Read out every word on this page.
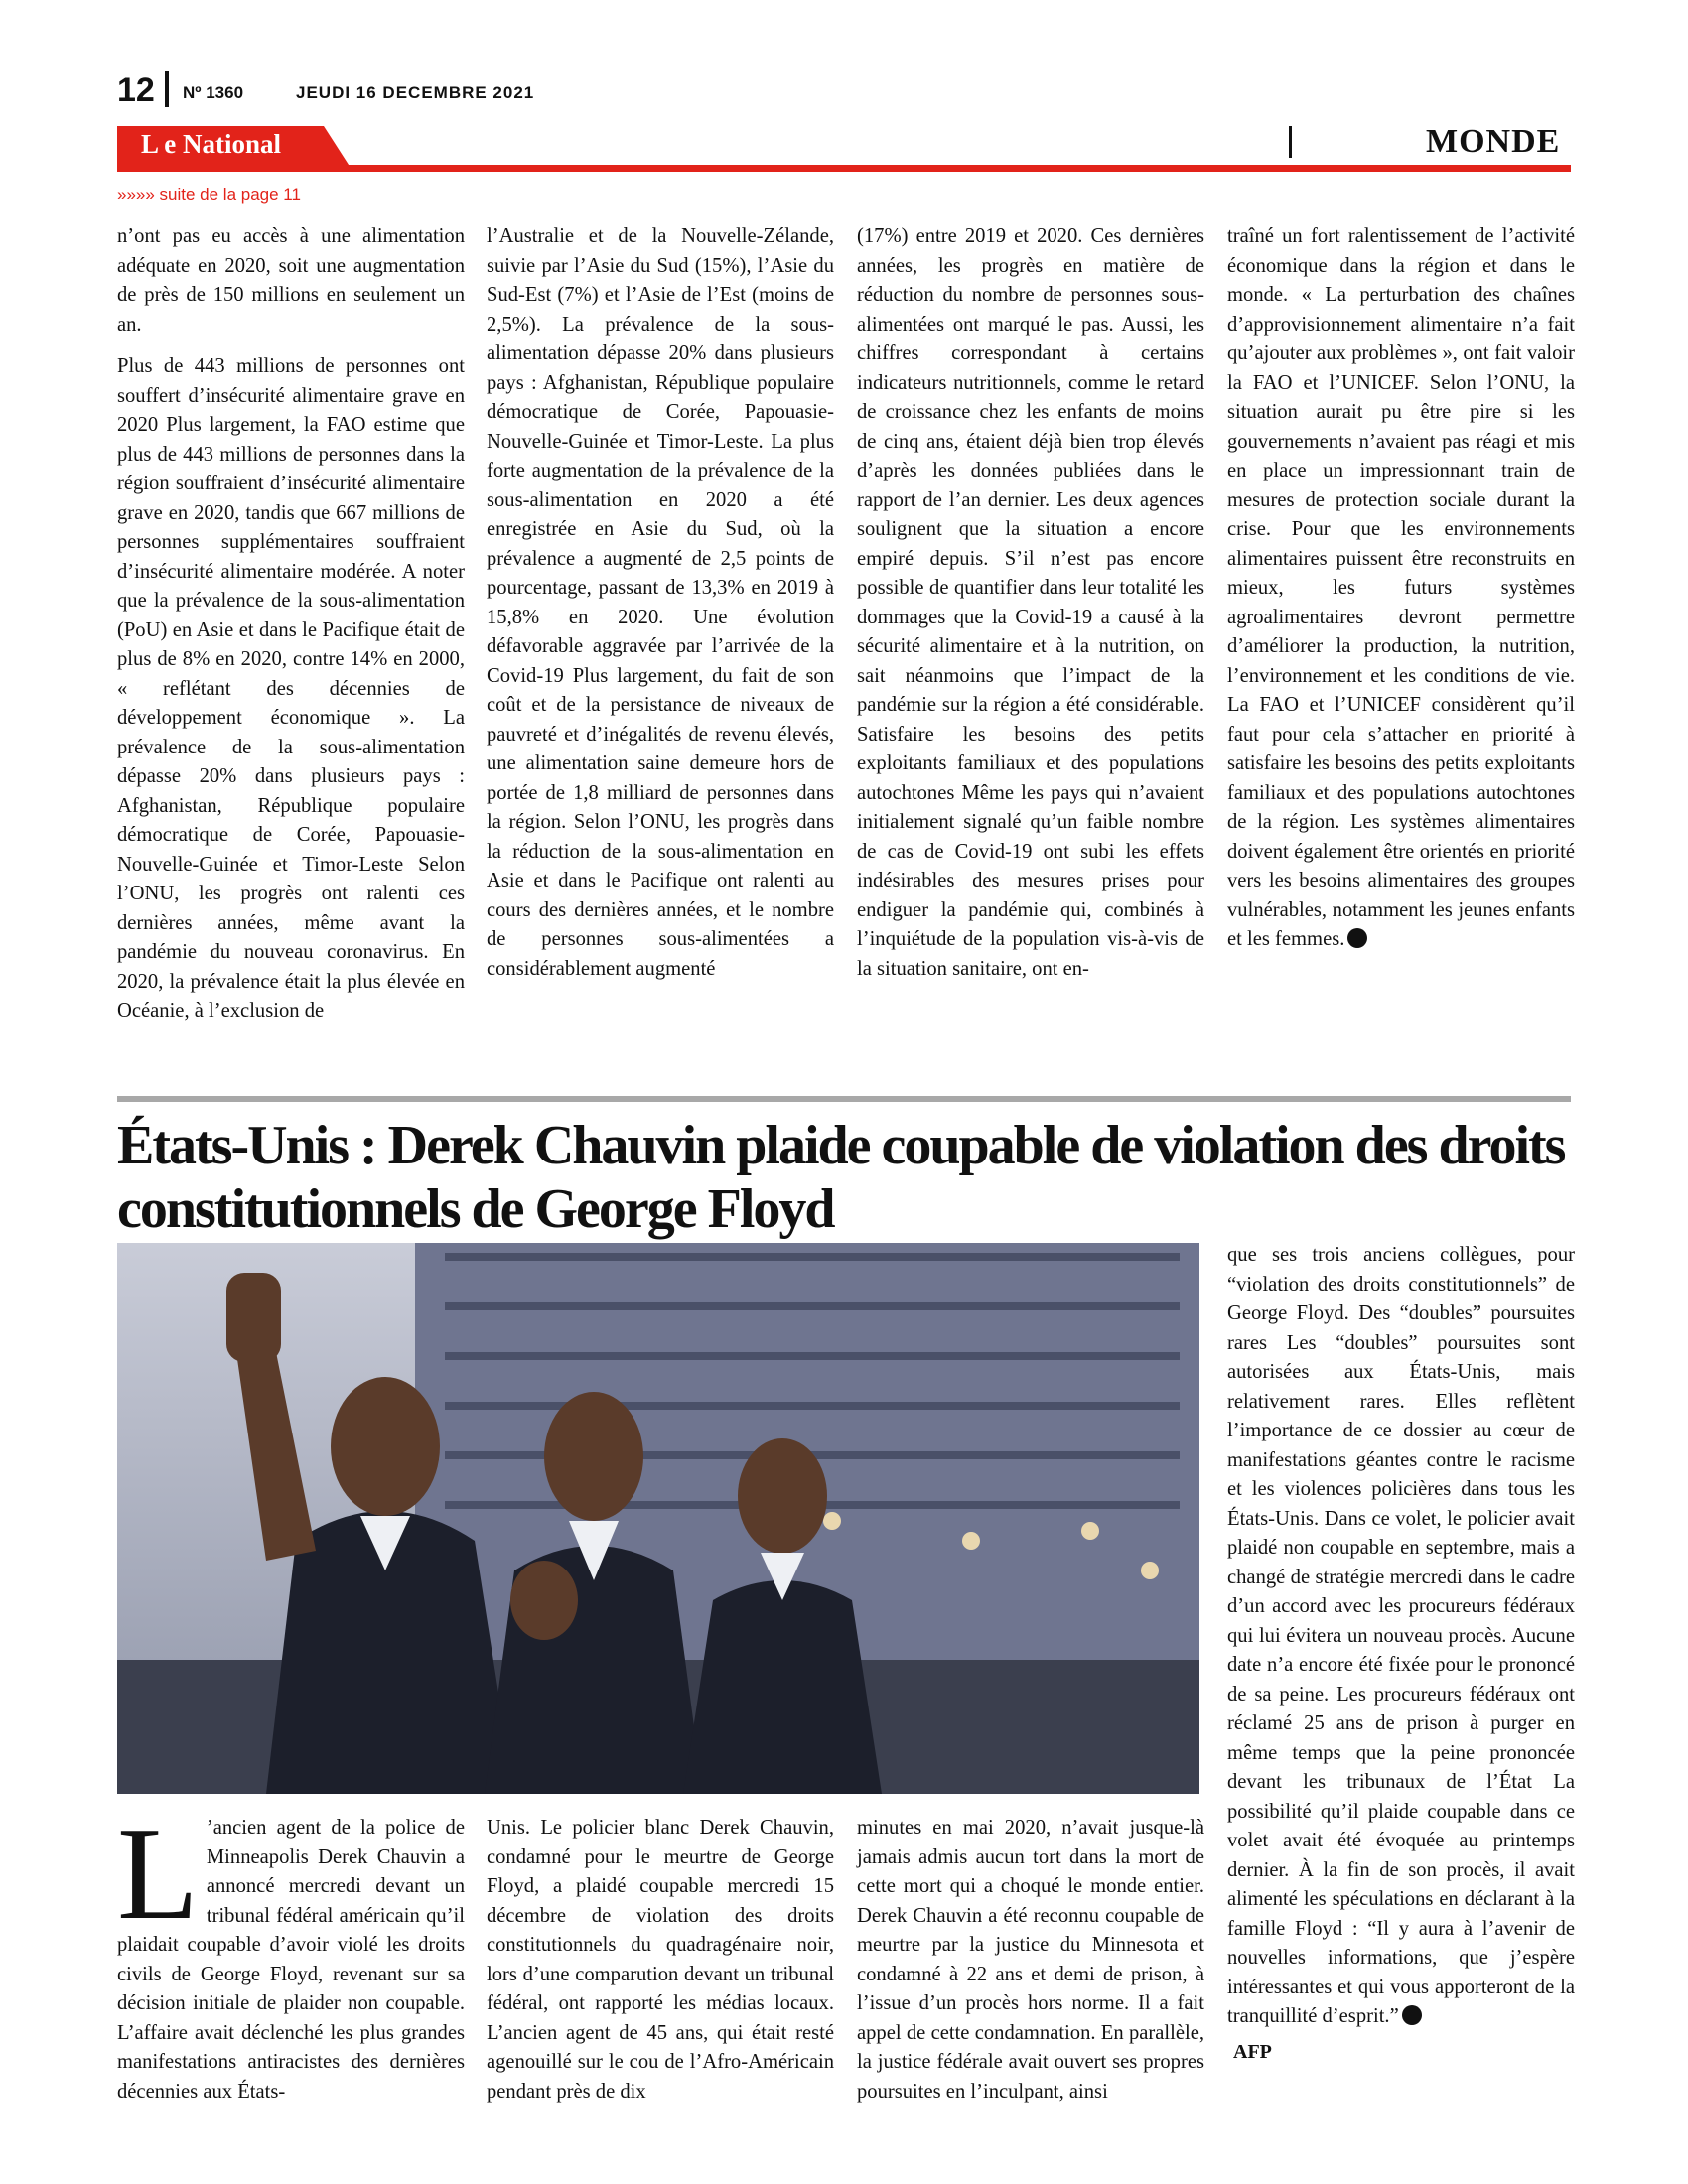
12 Nº 1360	JEUDI 16 DECEMBRE 2021
L e National	MONDE
»»»» suite de la page 11

n’ont pas eu accès à une alimentation adéquate en 2020, soit une augmentation de près de 150 millions en seulement un an.

Plus de 443 millions de personnes ont souffert d’insécurité alimentaire grave en 2020 Plus largement, la FAO estime que plus de 443 millions de personnes dans la région souffraient d’insécurité alimentaire grave en 2020, tandis que 667 millions de personnes supplémentaires souffraient d’insécurité alimentaire modérée. A noter que la prévalence de la sous-alimentation (PoU) en Asie et dans le Pacifique était de plus de 8% en 2020, contre 14% en 2000, « reflétant des décennies de développement économique ». La prévalence de la sous-alimentation dépasse 20% dans plusieurs pays : Afghanistan, République populaire démocratique de Corée, Papouasie-Nouvelle-Guinée et Timor-Leste Selon l’ONU, les progrès ont ralenti ces dernières années, même avant la pandémie du nouveau coronavirus. En 2020, la prévalence était la plus élevée en Océanie, à l’exclusion de

l’Australie et de la Nouvelle-Zélande, suivie par l’Asie du Sud (15%), l’Asie du Sud-Est (7%) et l’Asie de l’Est (moins de 2,5%). La prévalence de la sous-alimentation dépasse 20% dans plusieurs pays : Afghanistan, République populaire démocratique de Corée, Papouasie-Nouvelle-Guinée et Timor-Leste. La plus forte augmentation de la prévalence de la sous-alimentation en 2020 a été enregistrée en Asie du Sud, où la prévalence a augmenté de 2,5 points de pourcentage, passant de 13,3% en 2019 à 15,8% en 2020. Une évolution défavorable aggravée par l’arrivée de la Covid-19 Plus largement, du fait de son coût et de la persistance de niveaux de pauvreté et d’inégalités de revenu élevés, une alimentation saine demeure hors de portée de 1,8 milliard de personnes dans la région. Selon l’ONU, les progrès dans la réduction de la sous-alimentation en Asie et dans le Pacifique ont ralenti au cours des dernières années, et le nombre de personnes sous-alimentées a considérablement augmenté

(17%) entre 2019 et 2020. Ces dernières années, les progrès en matière de réduction du nombre de personnes sous-alimentées ont marqué le pas. Aussi, les chiffres correspondant à certains indicateurs nutritionnels, comme le retard de croissance chez les enfants de moins de cinq ans, étaient déjà bien trop élevés d’après les données publiées dans le rapport de l’an dernier. Les deux agences soulignent que la situation a encore empiré depuis. S’il n’est pas encore possible de quantifier dans leur totalité les dommages que la Covid-19 a causé à la sécurité alimentaire et à la nutrition, on sait néanmoins que l’impact de la pandémie sur la région a été considérable. Satisfaire les besoins des petits exploitants familiaux et des populations autochtones Même les pays qui n’avaient initialement signalé qu’un faible nombre de cas de Covid-19 ont subi les effets indésirables des mesures prises pour endiguer la pandémie qui, combinés à l’inquiétude de la population vis-à-vis de la situation sanitaire, ont en-

traîné un fort ralentissement de l’activité économique dans la région et dans le monde. « La perturbation des chaînes d’approvisionnement alimentaire n’a fait qu’ajouter aux problèmes », ont fait valoir la FAO et l’UNICEF. Selon l’ONU, la situation aurait pu être pire si les gouvernements n’avaient pas réagi et mis en place un impressionnant train de mesures de protection sociale durant la crise. Pour que les environnements alimentaires puissent être reconstruits en mieux, les futurs systèmes agroalimentaires devront permettre d’améliorer la production, la nutrition, l’environnement et les conditions de vie. La FAO et l’UNICEF considèrent qu’il faut pour cela s’attacher en priorité à satisfaire les besoins des petits exploitants familiaux et des populations autochtones de la région. Les systèmes alimentaires doivent également être orientés en priorité vers les besoins alimentaires des groupes vulnérables, notamment les jeunes enfants et les femmes.

États-Unis : Derek Chauvin plaide coupable de violation des droits constitutionnels de George Floyd

L ’ancien agent de la police de Minneapolis Derek Chauvin a annoncé mercredi devant un tribunal fédéral américain qu’il plaidait coupable d’avoir violé les droits civils de George Floyd, revenant sur sa décision initiale de plaider non coupable. L’affaire avait déclenché les plus grandes manifestations antiracistes des dernières décennies aux États-

Unis. Le policier blanc Derek Chauvin, condamné pour le meurtre de George Floyd, a plaidé coupable mercredi 15 décembre de violation des droits constitutionnels du quadragénaire noir, lors d’une comparution devant un tribunal fédéral, ont rapporté les médias locaux. L’ancien agent de 45 ans, qui était resté agenouillé sur le cou de l’Afro-Américain pendant près de dix

minutes en mai 2020, n’avait jusque-là jamais admis aucun tort dans la mort de cette mort qui a choqué le monde entier. Derek Chauvin a été reconnu coupable de meurtre par la justice du Minnesota et condamné à 22 ans et demi de prison, à l’issue d’un procès hors norme. Il a fait appel de cette condamnation. En parallèle, la justice fédérale avait ouvert ses propres poursuites en l’inculpant, ainsi

que ses trois anciens collègues, pour “violation des droits constitutionnels” de George Floyd. Des “doubles” poursuites rares Les “doubles” poursuites sont autorisées aux États-Unis, mais relativement rares. Elles reflètent l’importance de ce dossier au cœur de manifestations géantes contre le racisme et les violences policières dans tous les États-Unis. Dans ce volet, le policier avait plaidé non coupable en septembre, mais a changé de stratégie mercredi dans le cadre d’un accord avec les procureurs fédéraux qui lui évitera un nouveau procès. Aucune date n’a encore été fixée pour le prononcé de sa peine. Les procureurs fédéraux ont réclamé 25 ans de prison à purger en même temps que la peine prononcée devant les tribunaux de l’État La possibilité qu’il plaide coupable dans ce volet avait été évoquée au printemps dernier. À la fin de son procès, il avait alimenté les spéculations en déclarant à la famille Floyd : “Il y aura à l’avenir de nouvelles informations, que j’espère intéressantes et qui vous apporteront de la tranquillité d’esprit.”

AFP
